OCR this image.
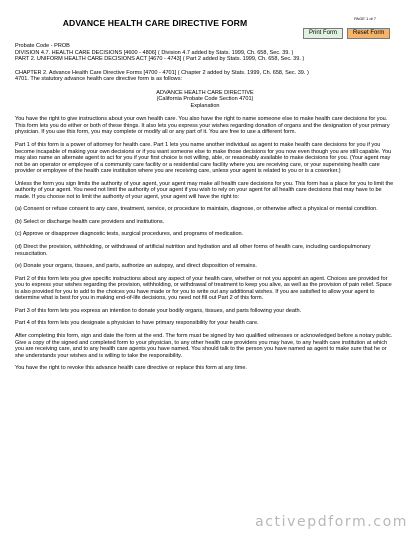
PAGE 1 of 7
ADVANCE HEALTH CARE DIRECTIVE FORM
Print Form	Reset Form

Probate Code - PROB

DIVISION 4.7. HEALTH CARE DECISIONS [4600 - 4806] ( Division 4.7 added by Stats. 1999, Ch. 658, Sec. 39. )

PART 2. UNIFORM HEALTH CARE DECISIONS ACT [4670 - 4743] ( Part 2 added by Stats. 1999, Ch. 658, Sec. 39. )

CHAPTER 2. Advance Health Care Directive Forms [4700 - 4701] ( Chapter 2 added by Stats. 1999, Ch. 658, Sec. 39. )

4701. The statutory advance health care directive form is as follows:

ADVANCE HEALTH CARE DIRECTIVE

(California Probate Code Section 4701)

Explanation

You have the right to give instructions about your own health care. You also have the right to name someone else to make health care decisions for you. This form lets you do either or both of these things. It also lets you express your wishes regarding donation of organs and the designation of your primary physician. If you use this form, you may complete or modify all or any part of it. You are free to use a different form.

Part 1 of this form is a power of attorney for health care. Part 1 lets you name another individual as agent to make health care decisions for you if you become incapable of making your own decisions or if you want someone else to make those decisions for you now even though you are still capable. You may also name an alternate agent to act for you if your first choice is not willing, able, or reasonably available to make decisions for you. (Your agent may not be an operator or employee of a community care facility or a residential care facility where you are receiving care, or your supervising health care provider or employee of the health care institution where you are receiving care, unless your agent is related to you or is a coworker.)

Unless the form you sign limits the authority of your agent, your agent may make all health care decisions for you. This form has a place for you to limit the authority of your agent. You need not limit the authority of your agent if you wish to rely on your agent for all health care decisions that may have to be made. If you choose not to limit the authority of your agent, your agent will have the right to:

(a) Consent or refuse consent to any care, treatment, service, or procedure to maintain, diagnose, or otherwise affect a physical or mental condition.

(b) Select or discharge health care providers and institutions.

(c) Approve or disapprove diagnostic tests, surgical procedures, and programs of medication.

(d) Direct the provision, withholding, or withdrawal of artificial nutrition and hydration and all other forms of health care, including cardiopulmonary resuscitation.

(e) Donate your organs, tissues, and parts, authorize an autopsy, and direct disposition of remains.

Part 2 of this form lets you give specific instructions about any aspect of your health care, whether or not you appoint an agent. Choices are provided for you to express your wishes regarding the provision, withholding, or withdrawal of treatment to keep you alive, as well as the provision of pain relief. Space is also provided for you to add to the choices you have made or for you to write out any additional wishes. If you are satisfied to allow your agent to determine what is best for you in making end-of-life decisions, you need not fill out Part 2 of this form.

Part 3 of this form lets you express an intention to donate your bodily organs, tissues, and parts following your death.

Part 4 of this form lets you designate a physician to have primary responsibility for your health care.

After completing this form, sign and date the form at the end. The form must be signed by two qualified witnesses or acknowledged before a notary public. Give a copy of the signed and completed form to your physician, to any other health care providers you may have, to any health care institution at which you are receiving care, and to any health care agents you have named. You should talk to the person you have named as agent to make sure that he or she understands your wishes and is willing to take the responsibility.

You have the right to revoke this advance health care directive or replace this form at any time.

activepdform.com
